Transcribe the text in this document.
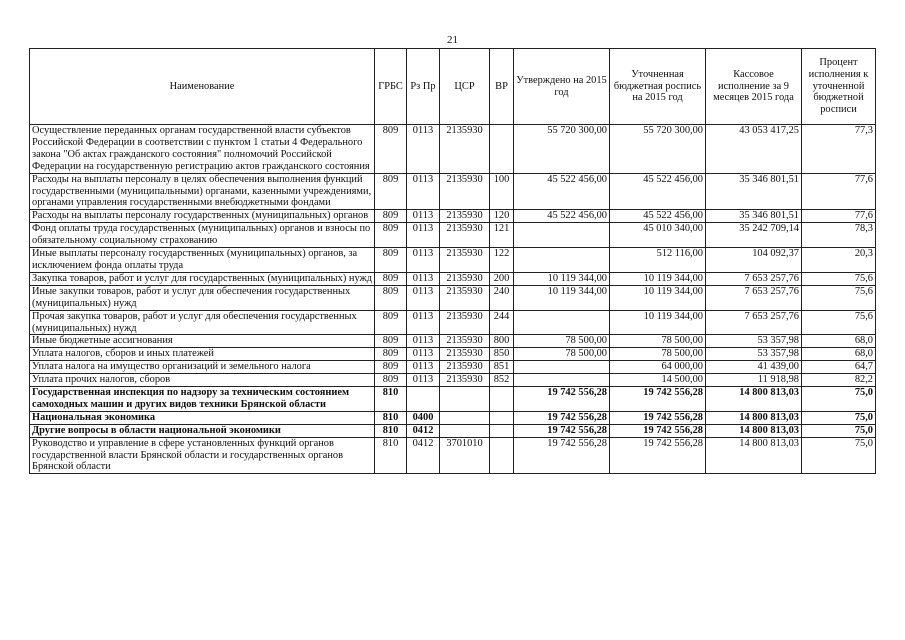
21
Наименование	ГРБС	Рз Пр	ЦСР	ВР	Утверждено на 2015 год	Уточненная бюджетная роспись на 2015 год	Кассовое исполнение за 9 месяцев 2015 года	Процент исполнения к уточненной бюджетной росписи
Осуществление переданных органам государственной власти субъектов Российской Федерации в соответствии с пунктом 1 статьи 4 Федерального закона "Об актах гражданского состояния" полномочий Российской Федерации на государственную регистрацию актов гражданского состояния	809	0113	2135930		55 720 300,00	55 720 300,00	43 053 417,25	77,3
Расходы на выплаты персоналу в целях обеспечения выполнения функций государственными (муниципальными) органами, казенными учреждениями, органами управления государственными внебюджетными фондами	809	0113	2135930	100	45 522 456,00	45 522 456,00	35 346 801,51	77,6
Расходы на выплаты персоналу государственных (муниципальных) органов	809	0113	2135930	120	45 522 456,00	45 522 456,00	35 346 801,51	77,6
Фонд оплаты труда государственных (муниципальных) органов и взносы по обязательному социальному страхованию	809	0113	2135930	121		45 010 340,00	35 242 709,14	78,3
Иные выплаты персоналу государственных (муниципальных) органов, за исключением фонда оплаты труда	809	0113	2135930	122		512 116,00	104 092,37	20,3
Закупка товаров, работ и услуг для государственных (муниципальных) нужд	809	0113	2135930	200	10 119 344,00	10 119 344,00	7 653 257,76	75,6
Иные закупки товаров, работ и услуг для обеспечения государственных (муниципальных) нужд	809	0113	2135930	240	10 119 344,00	10 119 344,00	7 653 257,76	75,6
Прочая закупка товаров, работ и услуг для обеспечения государственных (муниципальных) нужд	809	0113	2135930	244		10 119 344,00	7 653 257,76	75,6
Иные бюджетные ассигнования	809	0113	2135930	800	78 500,00	78 500,00	53 357,98	68,0
Уплата налогов, сборов и иных платежей	809	0113	2135930	850	78 500,00	78 500,00	53 357,98	68,0
Уплата налога на имущество организаций и земельного налога	809	0113	2135930	851		64 000,00	41 439,00	64,7
Уплата прочих налогов, сборов	809	0113	2135930	852		14 500,00	11 918,98	82,2
Государственная инспекция по надзору за техническим состоянием самоходных машин и других видов техники Брянской области	810				19 742 556,28	19 742 556,28	14 800 813,03	75,0
Национальная экономика	810	0400			19 742 556,28	19 742 556,28	14 800 813,03	75,0
Другие вопросы в области национальной экономики	810	0412			19 742 556,28	19 742 556,28	14 800 813,03	75,0
Руководство и управление в сфере установленных функций органов государственной власти Брянской области и государственных органов Брянской области	810	0412	3701010		19 742 556,28	19 742 556,28	14 800 813,03	75,0
